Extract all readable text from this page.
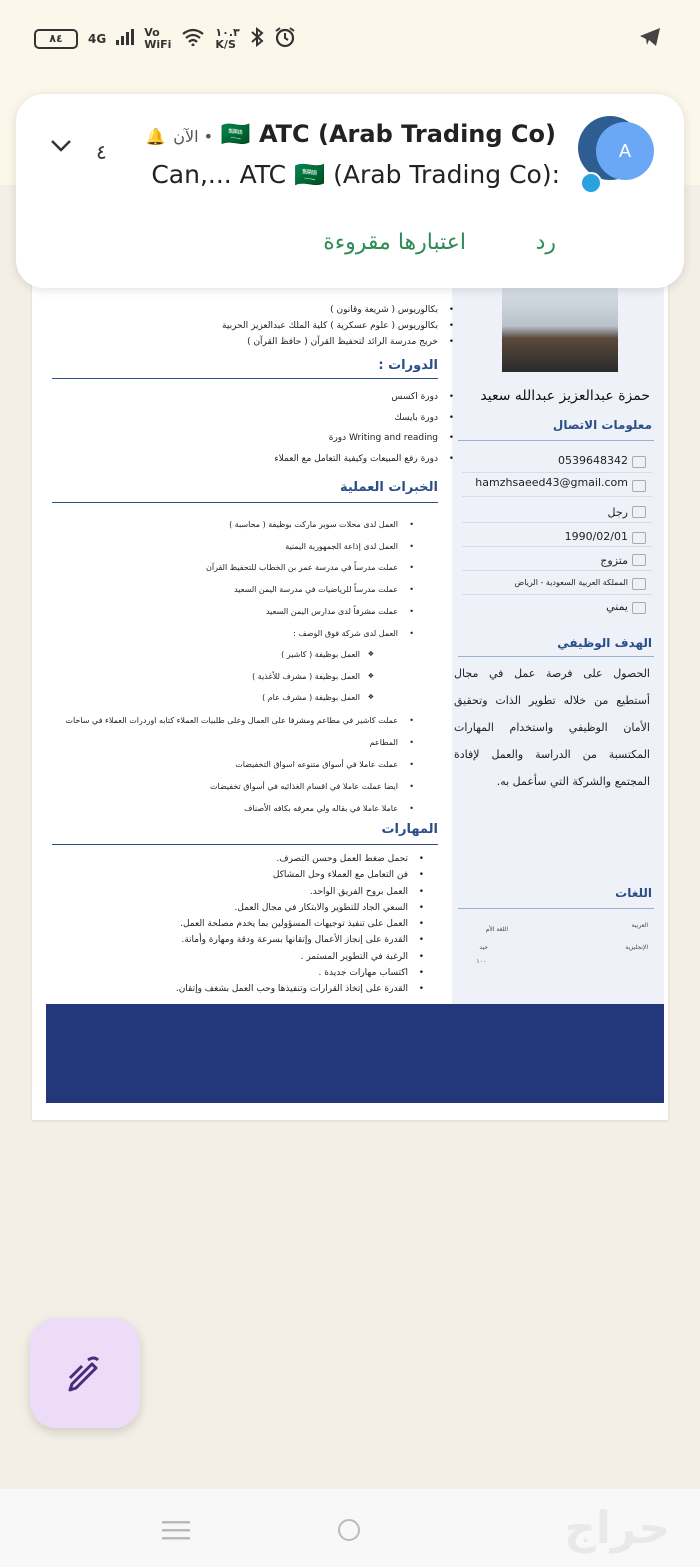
٨٤	4G	Vo
WiFi
١٠.٣
K/S
٤
(Arab Trading Co) 🇸🇦 ATC • الآن 🔔
Can,... ATC 🇸🇦 (Arab Trading Co):
A
رد
اعتبارها مقروءة
حمزة عبدالعزيز عبدالله سعيد
معلومات الاتصال
0539648342
hamzhsaeed43@gmail.com
رجل
1990/02/01
متزوج
المملكة العربية السعودية - الرياض
يمني
الهدف الوظيفي
الحصول على فرصة عمل في مجال أستطيع من خلاله تطوير الذات وتحقيق الأمان الوظيفي واستخدام المهارات المكتسبة من الدراسة والعمل لإفادة المجتمع والشركة التي سأعمل به.
اللغات
العربية
اللغة الأم
الإنجليزية
جيد
١٠٠
بكالوريوس ( شريعة وقانون ) •
بكالوريوس ( علوم عسكرية ) كلية الملك عبدالعزيز الحربية •
خريج مدرسة الرائد لتحفيظ القرآن ( حافظ القرآن ) •
الدورات :
دورة اكسس •
دورة بايسك •
Writing and reading دورة •
دورة رفع المبيعات وكيفية التعامل مع العملاء •
الخبرات العملية
العمل لدى محلات سوبر ماركت بوظيفة ( محاسبة ) •
العمل لدى إذاعة الجمهورية اليمنية •
عملت مدرساً في مدرسة عمر بن الخطاب للتحفيظ القرآن •
عملت مدرساً للرياضيات في مدرسة اليمن السعيد •
عملت مشرفاً لدى مدارس اليمن السعيد •
العمل لدى شركة فوق الوصف : •
العمل بوظيفة ( كاشير ) ❖
العمل بوظيفة ( مشرف للأغذية ) ❖
العمل بوظيفة ( مشرف عام ) ❖
عملت كاشير في مطاعم ومشرفا على العمال وعلى طلبيات العملاء كتابه اوردرات العملاء في ساحات •
المطاعم •
عملت عاملا في أسواق متنوعه اسواق التخفيضات •
ايضا عملت عاملا في اقسام الغذائيه في أسواق تخفيضات •
عاملا عاملا في بقاله ولي معرفه بكافه الأصناف •
المهارات
تحمل ضغط العمل وحسن التصرف. •
فن التعامل مع العملاء وحل المشاكل •
العمل بروح الفريق الواحد. •
السعي الجاد للتطوير والابتكار في مجال العمل. •
العمل على تنفيذ توجيهات المسؤولين بما يخدم مصلحة العمل. •
القدرة على إنجاز الأعمال وإتقانها بسرعة ودقة ومهارة وأمانة. •
الرغبة في التطوير المستمر . •
اكتساب مهارات جديدة . •
القدرة على إتخاذ القرارات وتنفيذها وحب العمل بشغف وإتقان. •
حراج
